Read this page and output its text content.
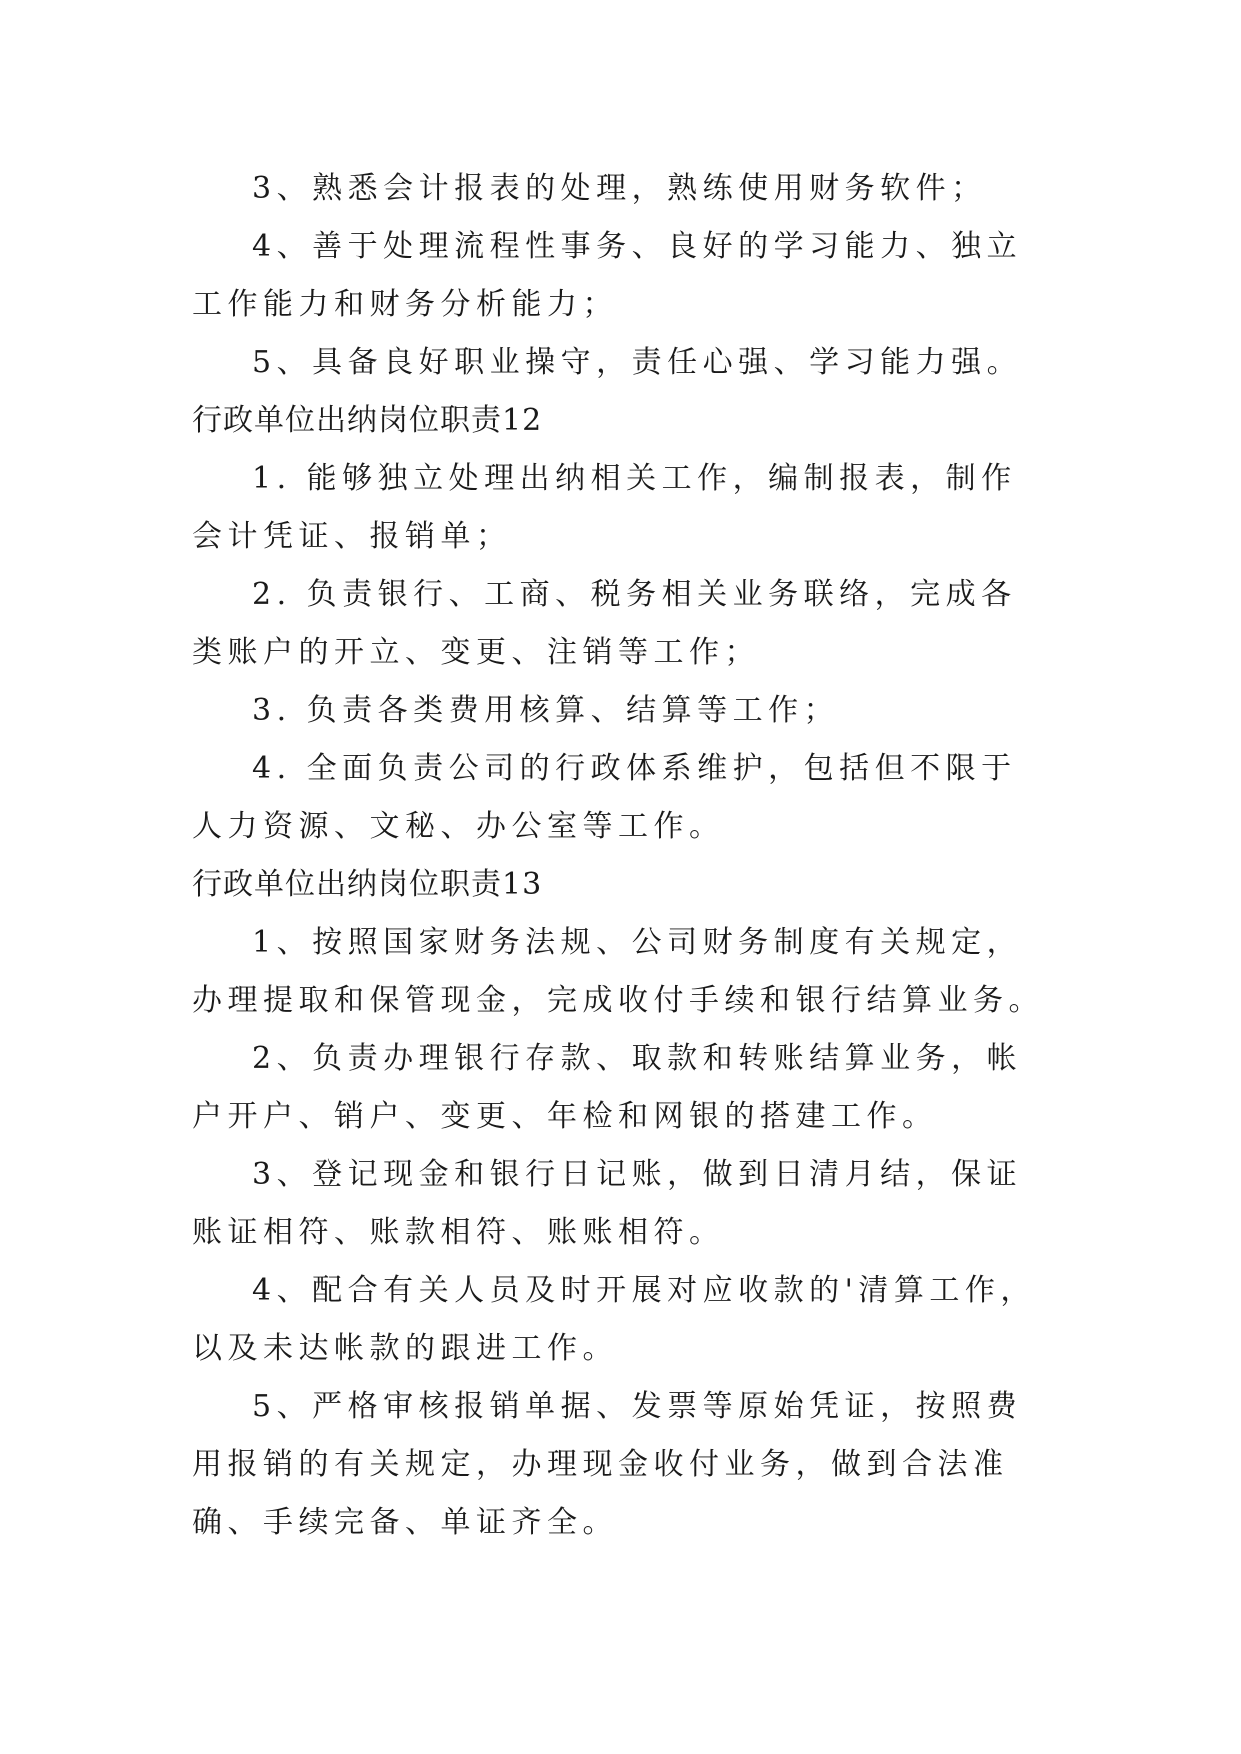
3、熟悉会计报表的处理，熟练使用财务软件；

4、善于处理流程性事务、良好的学习能力、独立工作能力和财务分析能力；

5、具备良好职业操守，责任心强、学习能力强。

行政单位出纳岗位职责12

1. 能够独立处理出纳相关工作，编制报表，制作会计凭证、报销单；

2. 负责银行、工商、税务相关业务联络，完成各类账户的开立、变更、注销等工作；

3. 负责各类费用核算、结算等工作；

4. 全面负责公司的行政体系维护，包括但不限于人力资源、文秘、办公室等工作。

行政单位出纳岗位职责13

1、按照国家财务法规、公司财务制度有关规定，办理提取和保管现金，完成收付手续和银行结算业务。

2、负责办理银行存款、取款和转账结算业务，帐户开户、销户、变更、年检和网银的搭建工作。

3、登记现金和银行日记账，做到日清月结，保证账证相符、账款相符、账账相符。

4、配合有关人员及时开展对应收款的'清算工作，以及未达帐款的跟进工作。

5、严格审核报销单据、发票等原始凭证，按照费用报销的有关规定，办理现金收付业务，做到合法准确、手续完备、单证齐全。
